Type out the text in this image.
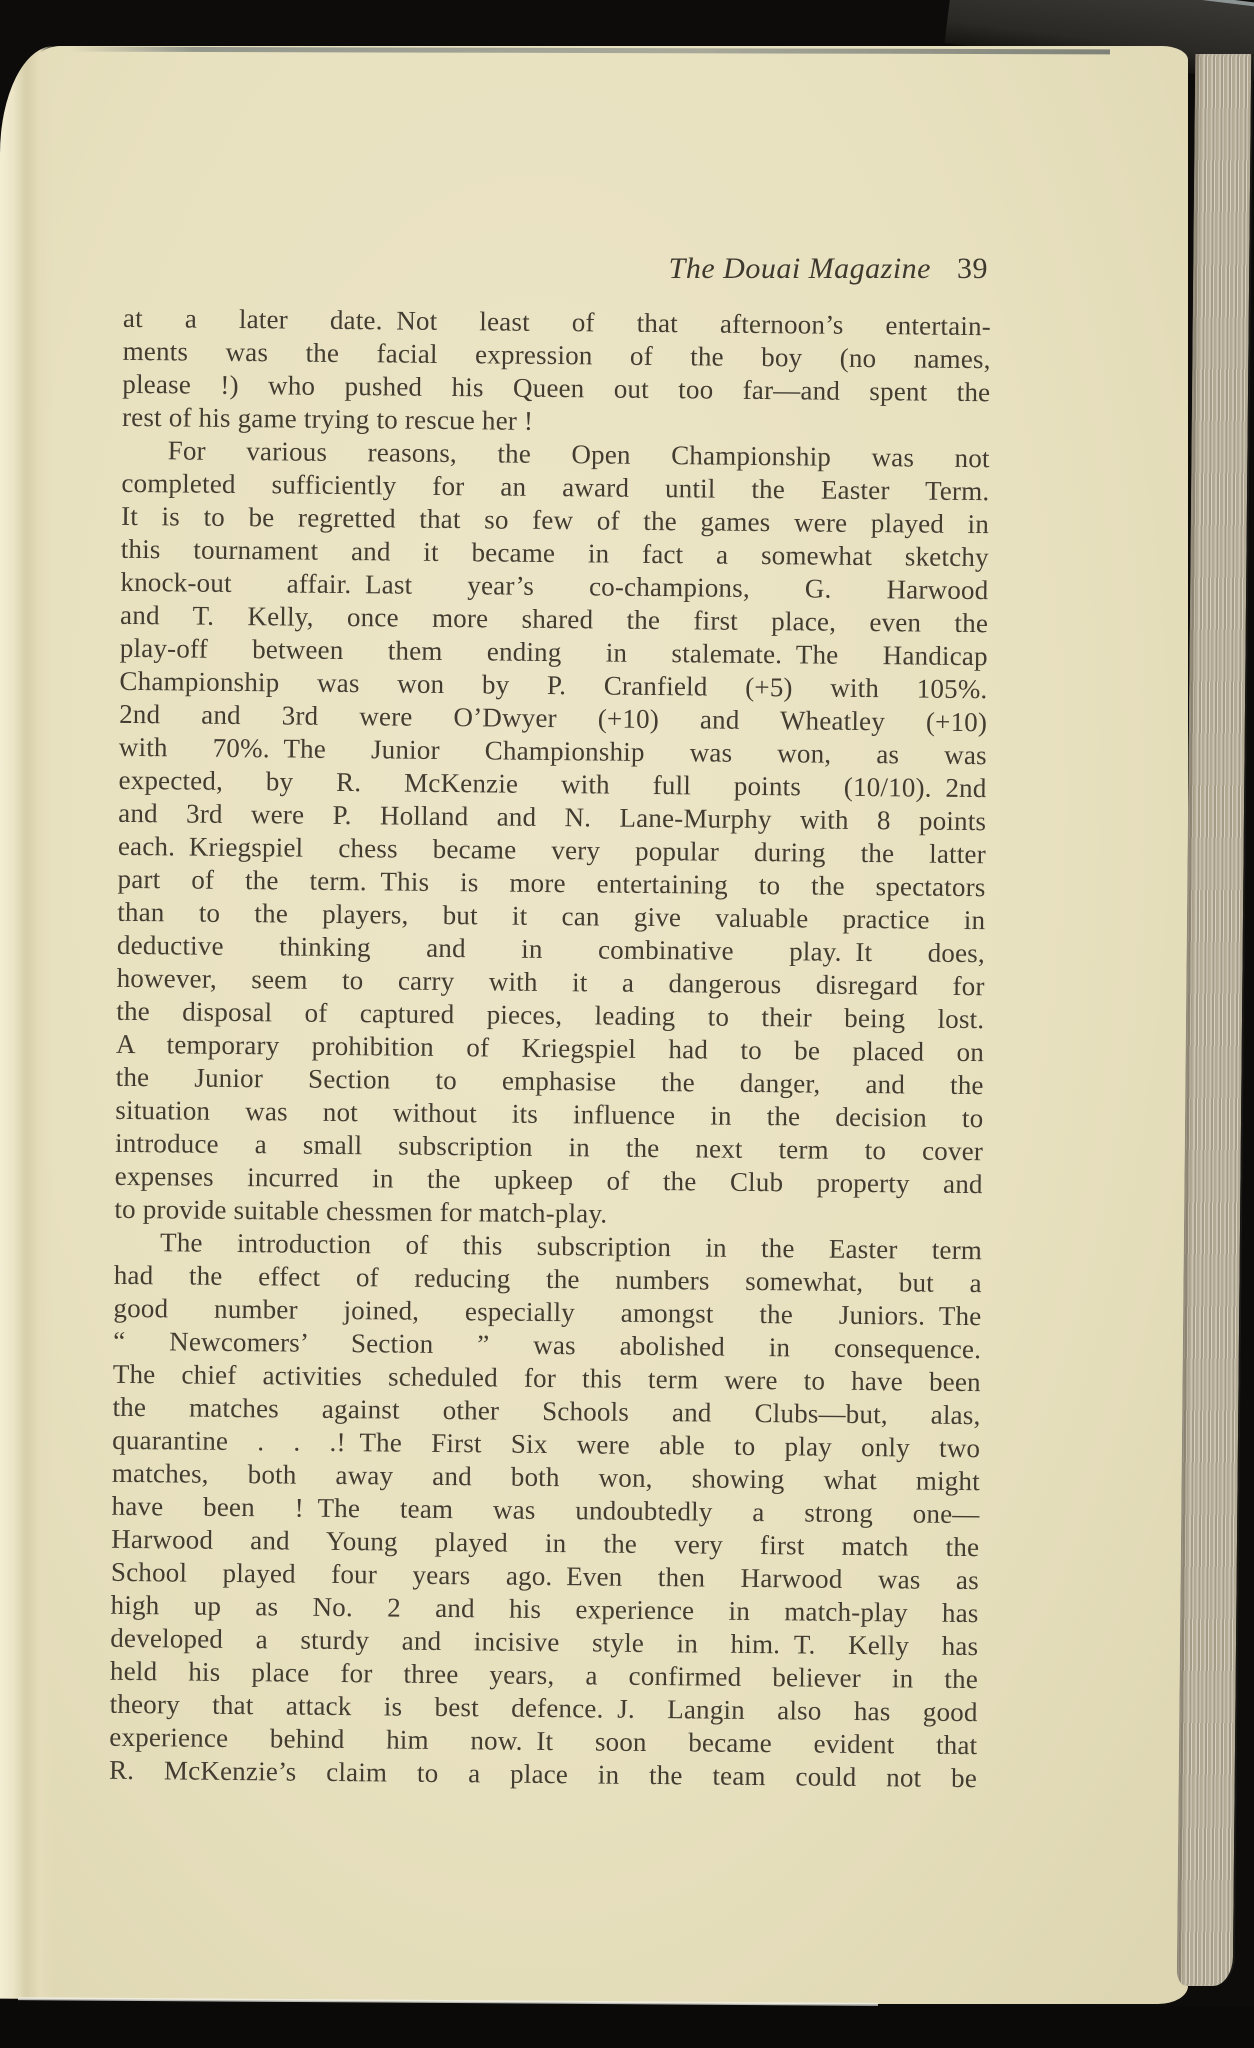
The Douai Magazine 39
at a later date. Not least of that afternoon’s entertain-
ments was the facial expression of the boy (no names,
please !) who pushed his Queen out too far—and spent the
rest of his game trying to rescue her !
For various reasons, the Open Championship was not
completed sufficiently for an award until the Easter Term.
It is to be regretted that so few of the games were played in
this tournament and it became in fact a somewhat sketchy
knock-out affair. Last year’s co-champions, G. Harwood
and T. Kelly, once more shared the first place, even the
play-off between them ending in stalemate. The Handicap
Championship was won by P. Cranfield (+5) with 105%.
2nd and 3rd were O’Dwyer (+10) and Wheatley (+10)
with 70%. The Junior Championship was won, as was
expected, by R. McKenzie with full points (10/10). 2nd
and 3rd were P. Holland and N. Lane-Murphy with 8 points
each. Kriegspiel chess became very popular during the latter
part of the term. This is more entertaining to the spectators
than to the players, but it can give valuable practice in
deductive thinking and in combinative play. It does,
however, seem to carry with it a dangerous disregard for
the disposal of captured pieces, leading to their being lost.
A temporary prohibition of Kriegspiel had to be placed on
the Junior Section to emphasise the danger, and the
situation was not without its influence in the decision to
introduce a small subscription in the next term to cover
expenses incurred in the upkeep of the Club property and
to provide suitable chessmen for match-play.
The introduction of this subscription in the Easter term
had the effect of reducing the numbers somewhat, but a
good number joined, especially amongst the Juniors. The
“ Newcomers’ Section ” was abolished in consequence.
The chief activities scheduled for this term were to have been
the matches against other Schools and Clubs—but, alas,
quarantine . . .! The First Six were able to play only two
matches, both away and both won, showing what might
have been ! The team was undoubtedly a strong one—
Harwood and Young played in the very first match the
School played four years ago. Even then Harwood was as
high up as No. 2 and his experience in match-play has
developed a sturdy and incisive style in him. T. Kelly has
held his place for three years, a confirmed believer in the
theory that attack is best defence. J. Langin also has good
experience behind him now. It soon became evident that
R. McKenzie’s claim to a place in the team could not be
